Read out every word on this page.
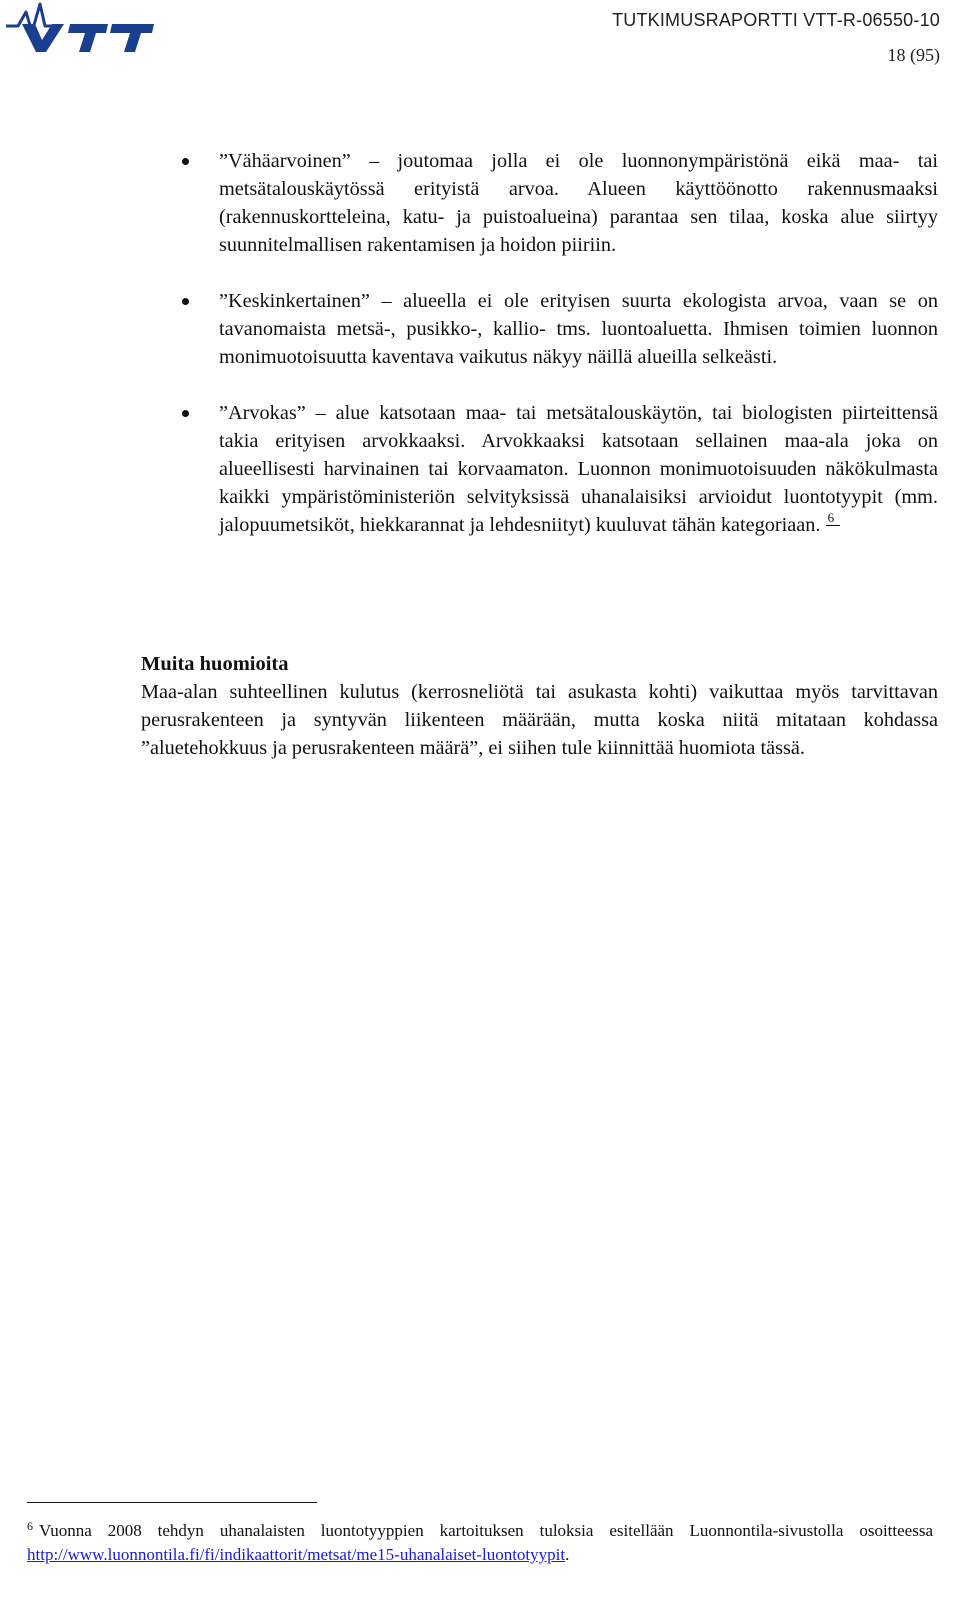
TUTKIMUSRAPORTTI VTT-R-06550-10
18 (95)
”Vähäarvoinen” – joutomaa jolla ei ole luonnonympäristönä eikä maa- tai metsätalouskäytössä erityistä arvoa. Alueen käyttöönotto rakennusmaaksi (rakennuskortteleina, katu- ja puistoalueina) parantaa sen tilaa, koska alue siirtyy suunnitelmallisen rakentamisen ja hoidon piiriin.
”Keskinkertainen” – alueella ei ole erityisen suurta ekologista arvoa, vaan se on tavanomaista metsä-, pusikko-, kallio- tms. luontoaluetta. Ihmisen toimien luonnon monimuotoisuutta kaventava vaikutus näkyy näillä alueilla selkeästi.
”Arvokas” – alue katsotaan maa- tai metsätalouskäytön, tai biologisten piirteittensä takia erityisen arvokkaaksi. Arvokkaaksi katsotaan sellainen maa-ala joka on alueellisesti harvinainen tai korvaamaton. Luonnon monimuotoisuuden näkökulmasta kaikki ympäristöministeriön selvityksissä uhanalaisiksi arvioidut luontotyypit (mm. jalopuumetsiköt, hiekkarannat ja lehdesniityt) kuuluvat tähän kategoriaan. 6
Muita huomioita

Maa-alan suhteellinen kulutus (kerrosneliötä tai asukasta kohti) vaikuttaa myös tarvittavan perusrakenteen ja syntyvän liikenteen määrään, mutta koska niitä mitataan kohdassa ”aluetehokkuus ja perusrakenteen määrä”, ei siihen tule kiinnittää huomiota tässä.

$^6$ Vuonna 2008 tehdyn uhanalaisten luontotyyppien kartoituksen tuloksia esitellään Luonnontila-sivustolla osoitteessa http://www.luonnontila.fi/fi/indikaattorit/metsat/me15-uhanalaiset-luontotyypit.
